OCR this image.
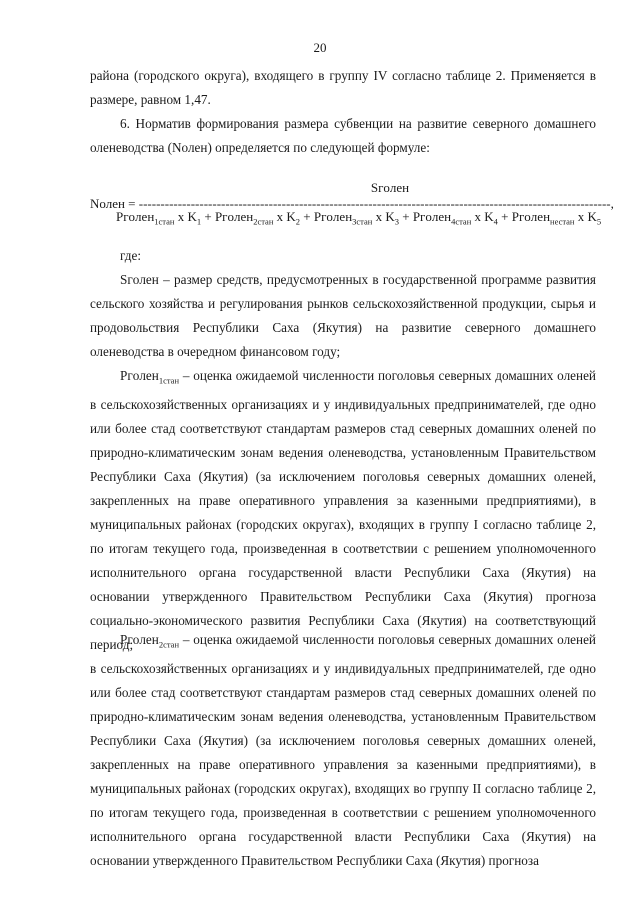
20

района (городского округа), входящего в группу IV согласно таблице 2. Применяется в размере, равном 1,47.

6. Норматив формирования размера субвенции на развитие северного домашнего оленеводства (Nолен) определяется по следующей формуле:

Sгoлен
Nолен = -------------------------------------------------------------------------------------------------------------,
Pгoлен$_{1стан}$ x $K_1$ + Pгoлен$_{2стан}$ x $K_2$ + Pгoлен$_{3стан}$ x $K_3$ + Pгoлен$_{4стан}$ x $K_4$ + Pгoлен$_{нестан}$ x $K_5$

где:

Sгoлен – размер средств, предусмотренных в государственной программе развития сельского хозяйства и регулирования рынков сельскохозяйственной продукции, сырья и продовольствия Республики Саха (Якутия) на развитие северного домашнего оленеводства в очередном финансовом году;

Pгoлен$_{1стан}$ – оценка ожидаемой численности поголовья северных домашних оленей в сельскохозяйственных организациях и у индивидуальных предпринимателей, где одно или более стад соответствуют стандартам размеров стад северных домашних оленей по природно-климатическим зонам ведения оленеводства, установленным Правительством Республики Саха (Якутия) (за исключением поголовья северных домашних оленей, закрепленных на праве оперативного управления за казенными предприятиями), в муниципальных районах (городских округах), входящих в группу I согласно таблице 2, по итогам текущего года, произведенная в соответствии с решением уполномоченного исполнительного органа государственной власти Республики Саха (Якутия) на основании утвержденного Правительством Республики Саха (Якутия) прогноза социально-экономического развития Республики Саха (Якутия) на соответствующий период;

Pгoлен$_{2стан}$ – оценка ожидаемой численности поголовья северных домашних оленей в сельскохозяйственных организациях и у индивидуальных предпринимателей, где одно или более стад соответствуют стандартам размеров стад северных домашних оленей по природно-климатическим зонам ведения оленеводства, установленным Правительством Республики Саха (Якутия) (за исключением поголовья северных домашних оленей, закрепленных на праве оперативного управления за казенными предприятиями), в муниципальных районах (городских округах), входящих во группу II согласно таблице 2, по итогам текущего года, произведенная в соответствии с решением уполномоченного исполнительного органа государственной власти Республики Саха (Якутия) на основании утвержденного Правительством Республики Саха (Якутия) прогноза
